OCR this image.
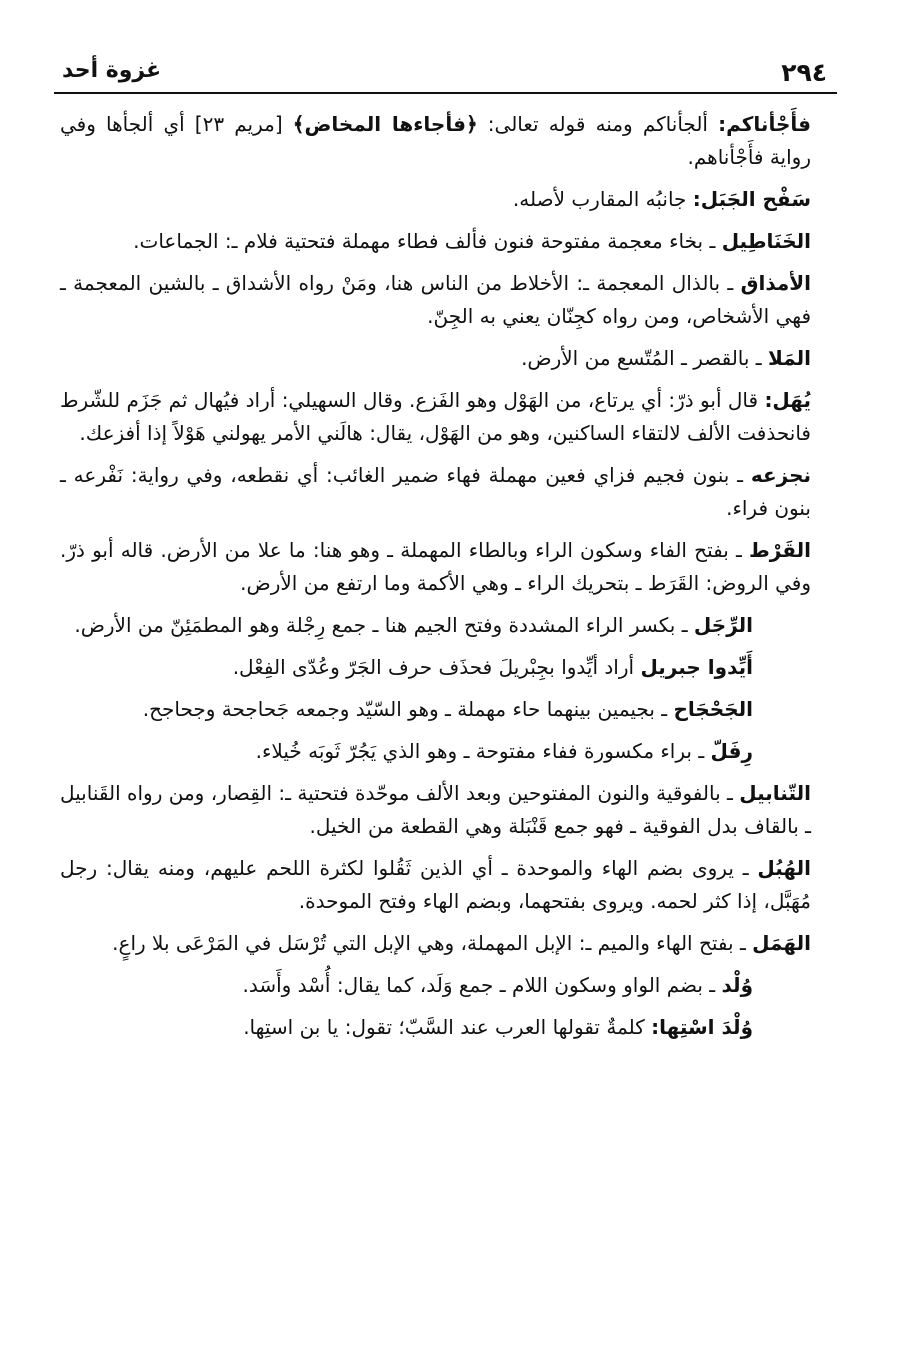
٢٩٤
غزوة أحد

فأَجْأناكم: ألجأناكم ومنه قوله تعالى: ﴿فأجاءها المخاض﴾ [مريم ٢٣] أي ألجأها وفي رواية فأَجْأناهم.

سَفْح الجَبَل: جانبُه المقارب لأصله.

الخَنَاطِيل ـ بخاء معجمة مفتوحة فنون فألف فطاء مهملة فتحتية فلام ـ: الجماعات.

الأمذاق ـ بالذال المعجمة ـ: الأخلاط من الناس هنا، ومَنْ رواه الأشداق ـ بالشين المعجمة ـ فهي الأشخاص، ومن رواه كجِنّان يعني به الجِنّ.

المَلا ـ بالقصر ـ المُتّسع من الأرض.

يُهَل: قال أبو ذرّ: أي يرتاع، من الهَوْل وهو الفَزع. وقال السهيلي: أراد فيُهال ثم جَزَم للشّرط فانحذفت الألف لالتقاء الساكنين، وهو من الهَوْل، يقال: هالَني الأمر يهولني هَوْلاً إذا أفزعك.

نجزعه ـ بنون فجيم فزاي فعين مهملة فهاء ضمير الغائب: أي نقطعه، وفي رواية: نَفْرعه ـ بنون فراء.

القَرْط ـ بفتح الفاء وسكون الراء وبالطاء المهملة ـ وهو هنا: ما علا من الأرض. قاله أبو ذرّ. وفي الروض: القَرَط ـ بتحريك الراء ـ وهي الأكمة وما ارتفع من الأرض.

الرِّجَل ـ بكسر الراء المشددة وفتح الجيم هنا ـ جمع رِجْلة وهو المطمَئِنّ من الأرض.

أَيِّدوا جبريل أراد أيِّدوا بجِبْريلَ فحذَف حرف الجَرّ وعُدّى الفِعْل.

الجَحْجَاح ـ بجيمين بينهما حاء مهملة ـ وهو السّيّد وجمعه جَحاجحة وجحاجح.

رِفَلّ ـ براء مكسورة ففاء مفتوحة ـ وهو الذي يَجُرّ ثَوبَه خُيلاء.

التّنابيل ـ بالفوقية والنون المفتوحين وبعد الألف موحّدة فتحتية ـ: القِصار، ومن رواه القَنابيل ـ بالقاف بدل الفوقية ـ فهو جمع قَنْبَلة وهي القطعة من الخيل.

الهُبُل ـ يروى بضم الهاء والموحدة ـ أي الذين ثَقُلوا لكثرة اللحم عليهم، ومنه يقال: رجل مُهَبَّل، إذا كثر لحمه. ويروى بفتحهما، وبضم الهاء وفتح الموحدة.

الهَمَل ـ بفتح الهاء والميم ـ: الإبل المهملة، وهي الإبل التي تُرْسَل في المَرْعَى بلا راعٍ.

وُلْد ـ بضم الواو وسكون اللام ـ جمع وَلَد، كما يقال: أُسْد وأَسَد.

وُلْدَ اسْتِها: كلمةٌ تقولها العرب عند السَّبّ؛ تقول: يا بن استِها.
